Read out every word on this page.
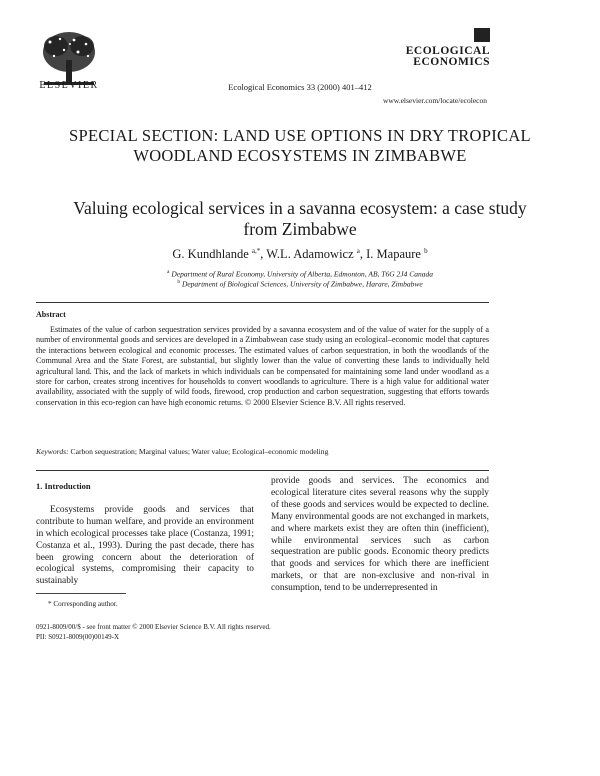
ELSEVIER	Ecological Economics 33 (2000) 401–412
ECOLOGICAL
ECONOMICS
www.elsevier.com/locate/ecolecon
SPECIAL SECTION: LAND USE OPTIONS IN DRY TROPICAL WOODLAND ECOSYSTEMS IN ZIMBABWE
Valuing ecological services in a savanna ecosystem: a case study from Zimbabwe
G. Kundhlande $^{a,*}$, W.L. Adamowicz $^a$, I. Mapaure $^b$
$^a$ Department of Rural Economy, University of Alberta, Edmonton, AB, T6G 2J4 Canada
$^b$ Department of Biological Sciences, University of Zimbabwe, Harare, Zimbabwe
Abstract
Estimates of the value of carbon sequestration services provided by a savanna ecosystem and of the value of water for the supply of a number of environmental goods and services are developed in a Zimbabwean case study using an ecological–economic model that captures the interactions between ecological and economic processes. The estimated values of carbon sequestration, in both the woodlands of the Communal Area and the State Forest, are substantial, but slightly lower than the value of converting these lands to individually held agricultural land. This, and the lack of markets in which individuals can be compensated for maintaining some land under woodland as a store for carbon, creates strong incentives for households to convert woodlands to agriculture. There is a high value for additional water availability, associated with the supply of wild foods, firewood, crop production and carbon sequestration, suggesting that efforts towards conservation in this eco-region can have high economic returns. © 2000 Elsevier Science B.V. All rights reserved.
Keywords: Carbon sequestration; Marginal values; Water value; Ecological–economic modeling
1. Introduction
Ecosystems provide goods and services that contribute to human welfare, and provide an environment in which ecological processes take place (Costanza, 1991; Costanza et al., 1993). During the past decade, there has been growing concern about the deterioration of ecological systems, compromising their capacity to sustainably
provide goods and services. The economics and ecological literature cites several reasons why the supply of these goods and services would be expected to decline. Many environmental goods are not exchanged in markets, and where markets exist they are often thin (inefficient), while environmental services such as carbon sequestration are public goods. Economic theory predicts that goods and services for which there are inefficient markets, or that are non-exclusive and non-rival in consumption, tend to be underrepresented in
* Corresponding author.
0921-8009/00/$ - see front matter © 2000 Elsevier Science B.V. All rights reserved.
PII: S0921-8009(00)00149-X
